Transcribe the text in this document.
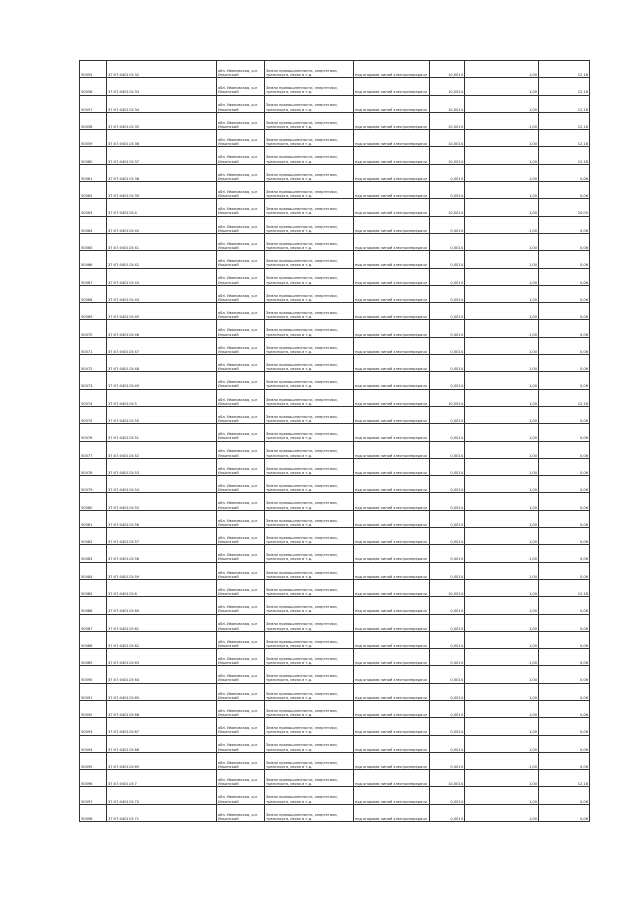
50055	37:07:040115:32	обл. Ивановская, р-н Ильинский	Земли промышленности, энергетики, транспорта, связи и т.д.	под опорами линий электропередачи	10,0014	1,00	12,18
50056	37:07:040115:33	обл. Ивановская, р-н Ильинский	Земли промышленности, энергетики, транспорта, связи и т.д.	под опорами линий электропередачи	10,0014	1,00	12,18
50057	37:07:040115:34	обл. Ивановская, р-н Ильинский	Земли промышленности, энергетики, транспорта, связи и т.д.	под опорами линий электропередачи	10,0014	1,00	12,18
50058	37:07:040115:35	обл. Ивановская, р-н Ильинский	Земли промышленности, энергетики, транспорта, связи и т.д.	под опорами линий электропередачи	10,0014	1,00	12,18
50059	37:07:040115:36	обл. Ивановская, р-н Ильинский	Земли промышленности, энергетики, транспорта, связи и т.д.	под опорами линий электропередачи	10,0014	1,00	12,18
50060	37:07:040115:37	обл. Ивановская, р-н Ильинский	Земли промышленности, энергетики, транспорта, связи и т.д.	под опорами линий электропередачи	10,0014	1,00	12,18
50061	37:07:040115:38	обл. Ивановская, р-н Ильинский	Земли промышленности, энергетики, транспорта, связи и т.д.	под опорами линий электропередачи	0,0014	1,00	0,06
50062	37:07:040115:39	обл. Ивановская, р-н Ильинский	Земли промышленности, энергетики, транспорта, связи и т.д.	под опорами линий электропередачи	0,0014	1,00	0,06
50063	37:07:040115:4	обл. Ивановская, р-н Ильинский	Земли промышленности, энергетики, транспорта, связи и т.д.	под опорами линий электропередачи	10,0014	1,00	20,00
50064	37:07:040115:40	обл. Ивановская, р-н Ильинский	Земли промышленности, энергетики, транспорта, связи и т.д.	под опорами линий электропередачи	0,0014	1,00	0,06
50065	37:07:040115:41	обл. Ивановская, р-н Ильинский	Земли промышленности, энергетики, транспорта, связи и т.д.	под опорами линий электропередачи	0,0014	1,00	0,06
50066	37:07:040115:42	обл. Ивановская, р-н Ильинский	Земли промышленности, энергетики, транспорта, связи и т.д.	под опорами линий электропередачи	0,0014	1,00	0,06
50067	37:07:040115:43	обл. Ивановская, р-н Ильинский	Земли промышленности, энергетики, транспорта, связи и т.д.	под опорами линий электропередачи	0,0014	1,00	0,06
50068	37:07:040115:44	обл. Ивановская, р-н Ильинский	Земли промышленности, энергетики, транспорта, связи и т.д.	под опорами линий электропередачи	0,0014	1,00	0,06
50069	37:07:040115:45	обл. Ивановская, р-н Ильинский	Земли промышленности, энергетики, транспорта, связи и т.д.	под опорами линий электропередачи	0,0014	1,00	0,06
50070	37:07:040115:46	обл. Ивановская, р-н Ильинский	Земли промышленности, энергетики, транспорта, связи и т.д.	под опорами линий электропередачи	0,0014	1,00	0,06
50071	37:07:040115:47	обл. Ивановская, р-н Ильинский	Земли промышленности, энергетики, транспорта, связи и т.д.	под опорами линий электропередачи	0,0014	1,00	0,06
50072	37:07:040115:48	обл. Ивановская, р-н Ильинский	Земли промышленности, энергетики, транспорта, связи и т.д.	под опорами линий электропередачи	0,0014	1,00	0,06
50073	37:07:040115:49	обл. Ивановская, р-н Ильинский	Земли промышленности, энергетики, транспорта, связи и т.д.	под опорами линий электропередачи	0,0014	1,00	0,06
50074	37:07:040115:5	обл. Ивановская, р-н Ильинский	Земли промышленности, энергетики, транспорта, связи и т.д.	под опорами линий электропередачи	10,0014	1,00	12,18
50075	37:07:040115:50	обл. Ивановская, р-н Ильинский	Земли промышленности, энергетики, транспорта, связи и т.д.	под опорами линий электропередачи	0,0014	1,00	0,06
50076	37:07:040115:51	обл. Ивановская, р-н Ильинский	Земли промышленности, энергетики, транспорта, связи и т.д.	под опорами линий электропередачи	0,0014	1,00	0,06
50077	37:07:040115:52	обл. Ивановская, р-н Ильинский	Земли промышленности, энергетики, транспорта, связи и т.д.	под опорами линий электропередачи	0,0014	1,00	0,06
50078	37:07:040115:53	обл. Ивановская, р-н Ильинский	Земли промышленности, энергетики, транспорта, связи и т.д.	под опорами линий электропередачи	0,0014	1,00	0,06
50079	37:07:040115:54	обл. Ивановская, р-н Ильинский	Земли промышленности, энергетики, транспорта, связи и т.д.	под опорами линий электропередачи	0,0014	1,00	0,06
50080	37:07:040115:55	обл. Ивановская, р-н Ильинский	Земли промышленности, энергетики, транспорта, связи и т.д.	под опорами линий электропередачи	0,0014	1,00	0,06
50081	37:07:040115:56	обл. Ивановская, р-н Ильинский	Земли промышленности, энергетики, транспорта, связи и т.д.	под опорами линий электропередачи	0,0014	1,00	0,06
50082	37:07:040115:57	обл. Ивановская, р-н Ильинский	Земли промышленности, энергетики, транспорта, связи и т.д.	под опорами линий электропередачи	0,0014	1,00	0,06
50083	37:07:040115:58	обл. Ивановская, р-н Ильинский	Земли промышленности, энергетики, транспорта, связи и т.д.	под опорами линий электропередачи	0,0014	1,00	0,06
50084	37:07:040115:59	обл. Ивановская, р-н Ильинский	Земли промышленности, энергетики, транспорта, связи и т.д.	под опорами линий электропередачи	0,0014	1,00	0,06
50085	37:07:040115:6	обл. Ивановская, р-н Ильинский	Земли промышленности, энергетики, транспорта, связи и т.д.	под опорами линий электропередачи	10,0014	1,00	12,18
50086	37:07:040115:60	обл. Ивановская, р-н Ильинский	Земли промышленности, энергетики, транспорта, связи и т.д.	под опорами линий электропередачи	0,0014	1,00	0,06
50087	37:07:040115:61	обл. Ивановская, р-н Ильинский	Земли промышленности, энергетики, транспорта, связи и т.д.	под опорами линий электропередачи	0,0014	1,00	0,06
50088	37:07:040115:62	обл. Ивановская, р-н Ильинский	Земли промышленности, энергетики, транспорта, связи и т.д.	под опорами линий электропередачи	0,0014	1,00	0,06
50089	37:07:040115:63	обл. Ивановская, р-н Ильинский	Земли промышленности, энергетики, транспорта, связи и т.д.	под опорами линий электропередачи	0,0014	1,00	0,06
50090	37:07:040115:64	обл. Ивановская, р-н Ильинский	Земли промышленности, энергетики, транспорта, связи и т.д.	под опорами линий электропередачи	0,0014	1,00	0,06
50091	37:07:040115:65	обл. Ивановская, р-н Ильинский	Земли промышленности, энергетики, транспорта, связи и т.д.	под опорами линий электропередачи	0,0014	1,00	0,06
50092	37:07:040115:66	обл. Ивановская, р-н Ильинский	Земли промышленности, энергетики, транспорта, связи и т.д.	под опорами линий электропередачи	0,0014	1,00	0,06
50093	37:07:040115:67	обл. Ивановская, р-н Ильинский	Земли промышленности, энергетики, транспорта, связи и т.д.	под опорами линий электропередачи	0,0014	1,00	0,06
50094	37:07:040115:68	обл. Ивановская, р-н Ильинский	Земли промышленности, энергетики, транспорта, связи и т.д.	под опорами линий электропередачи	0,0014	1,00	0,06
50095	37:07:040115:69	обл. Ивановская, р-н Ильинский	Земли промышленности, энергетики, транспорта, связи и т.д.	под опорами линий электропередачи	0,0014	1,00	0,06
50096	37:07:040115:7	обл. Ивановская, р-н Ильинский	Земли промышленности, энергетики, транспорта, связи и т.д.	под опорами линий электропередачи	10,0014	1,00	12,18
50097	37:07:040115:70	обл. Ивановская, р-н Ильинский	Земли промышленности, энергетики, транспорта, связи и т.д.	под опорами линий электропередачи	0,0014	1,00	0,06
50098	37:07:040115:71	обл. Ивановская, р-н Ильинский	Земли промышленности, энергетики, транспорта, связи и т.д.	под опорами линий электропередачи	0,0014	1,00	0,06
